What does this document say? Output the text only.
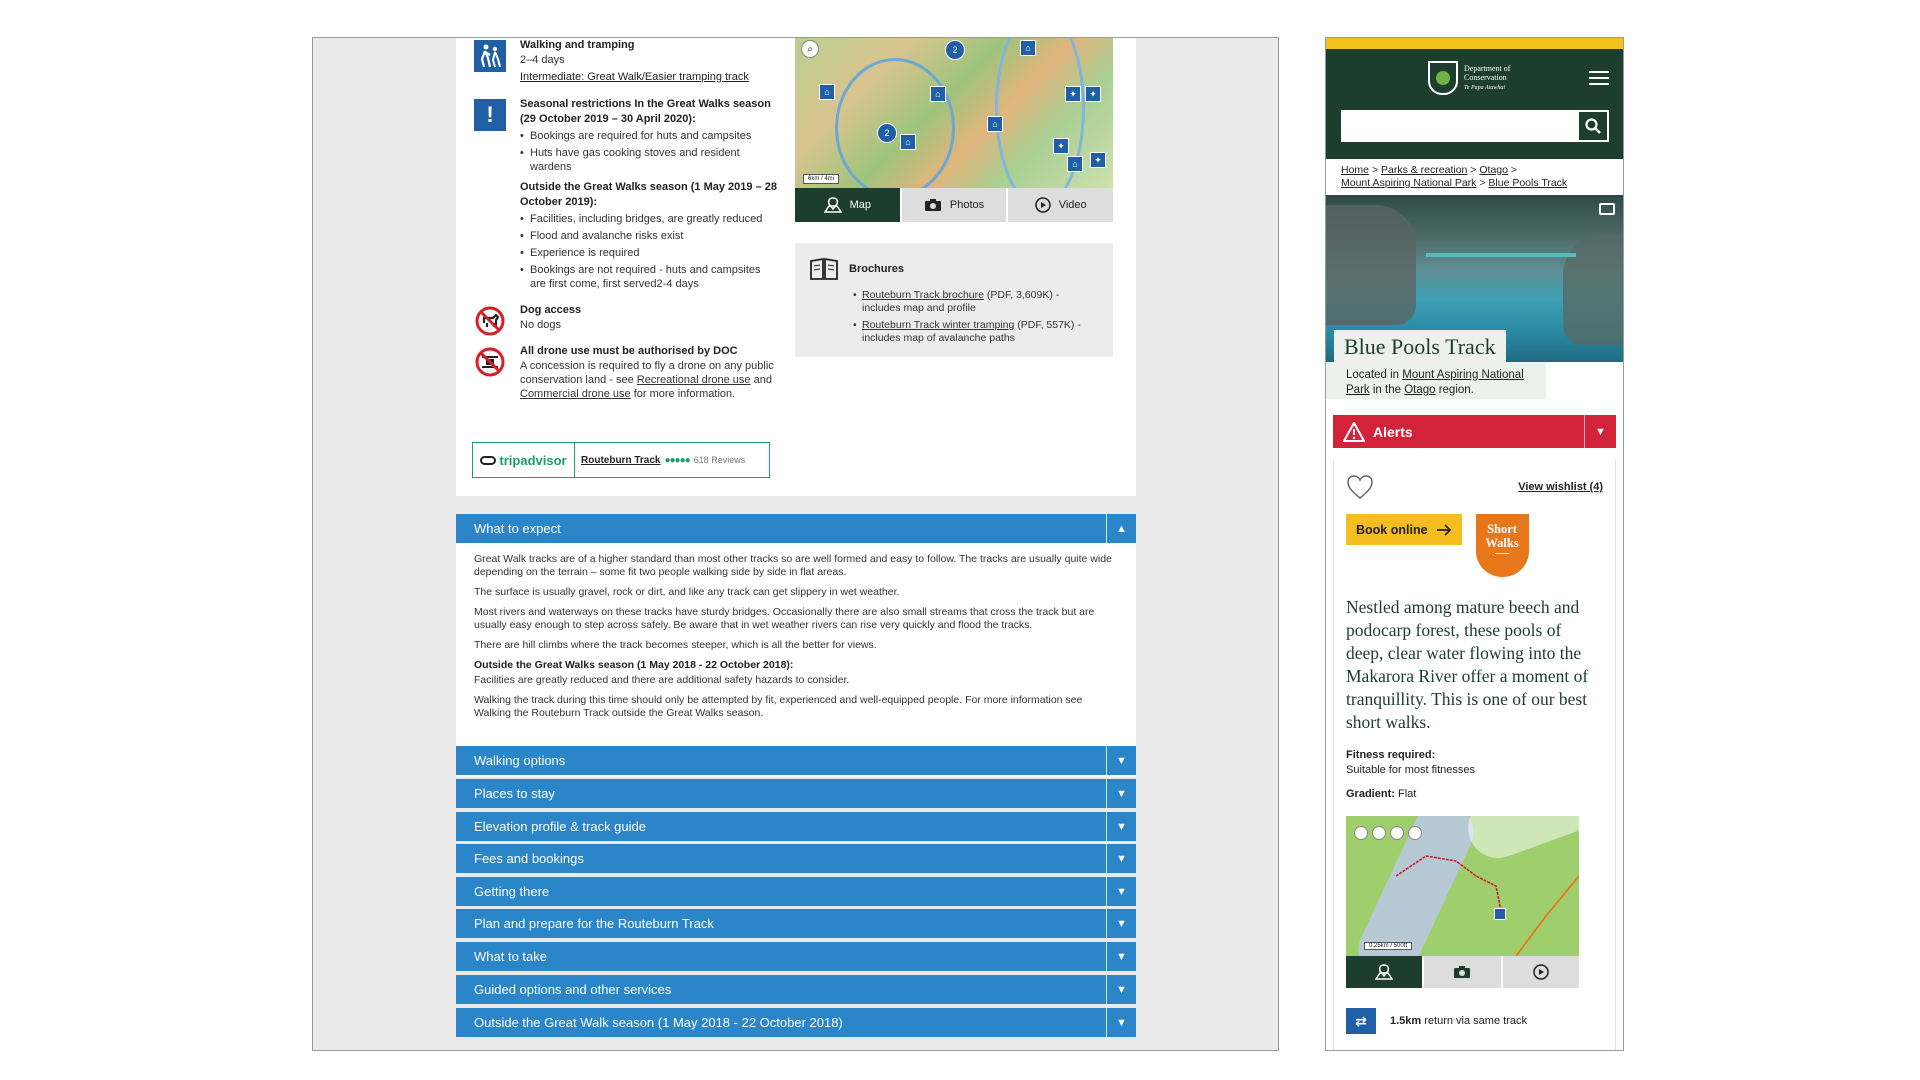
Walking and tramping
2–4 days
Intermediate: Great Walk/Easier tramping track
!	Seasonal restrictions In the Great Walks season (29 October 2019 – 30 April 2020):
• Bookings are required for huts and campsites
• Huts have gas cooking stoves and resident wardens
Outside the Great Walks season (1 May 2019 – 28 October 2019):
• Facilities, including bridges, are greatly reduced
• Flood and avalanche risks exist
• Experience is required
• Bookings are not required - huts and campsites are first come, first served2-4 days
Dog access
No dogs
All drone use must be authorised by DOC
A concession is required to fly a drone on any public conservation land - see Recreational drone use and Commercial drone use for more information.
tripadvisor Routeburn Track ●●●●● 618 Reviews
⌕	2	⌂
⌂	⌂	✦	✦
2
⌂
⌂
✦
✦
⌂
6km / 4mi
Map	Photos	Video
Brochures
• Routeburn Track brochure (PDF, 3,609K) - includes map and profile
• Routeburn Track winter tramping (PDF, 557K) - includes map of avalanche paths
What to expect	▲

Great Walk tracks are of a higher standard than most other tracks so are well formed and easy to follow. The tracks are usually quite wide depending on the terrain – some fit two people walking side by side in flat areas.

The surface is usually gravel, rock or dirt, and like any track can get slippery in wet weather.

Most rivers and waterways on these tracks have sturdy bridges. Occasionally there are also small streams that cross the track but are usually easy enough to step across safely. Be aware that in wet weather rivers can rise very quickly and flood the tracks.

There are hill climbs where the track becomes steeper, which is all the better for views.

Outside the Great Walks season (1 May 2018 - 22 October 2018):

Facilities are greatly reduced and there are additional safety hazards to consider.

Walking the track during this time should only be attempted by fit, experienced and well-equipped people. For more information see Walking the Routeburn Track outside the Great Walks season.

Walking options	▼
Places to stay	▼
Elevation profile & track guide	▼
Fees and bookings	▼
Getting there	▼
Plan and prepare for the Routeburn Track	▼
What to take	▼
Guided options and other services	▼
Outside the Great Walk season (1 May 2018 - 22 October 2018)	▼
Department of
Conservation
Te Papa Atawhai
Home > Parks & recreation > Otago >
Mount Aspiring National Park > Blue Pools Track
Blue Pools Track
Located in Mount Aspiring National Park in the Otago region.
Alerts	▼
View wishlist (4)
Book online	Short
Walks
Nestled among mature beech and podocarp forest, these pools of deep, clear water flowing into the Makarora River offer a moment of tranquillity. This is one of our best short walks.
Fitness required:
Suitable for most fitnesses
Gradient: Flat
0.25km / 500ft
⇄	1.5km return via same track
